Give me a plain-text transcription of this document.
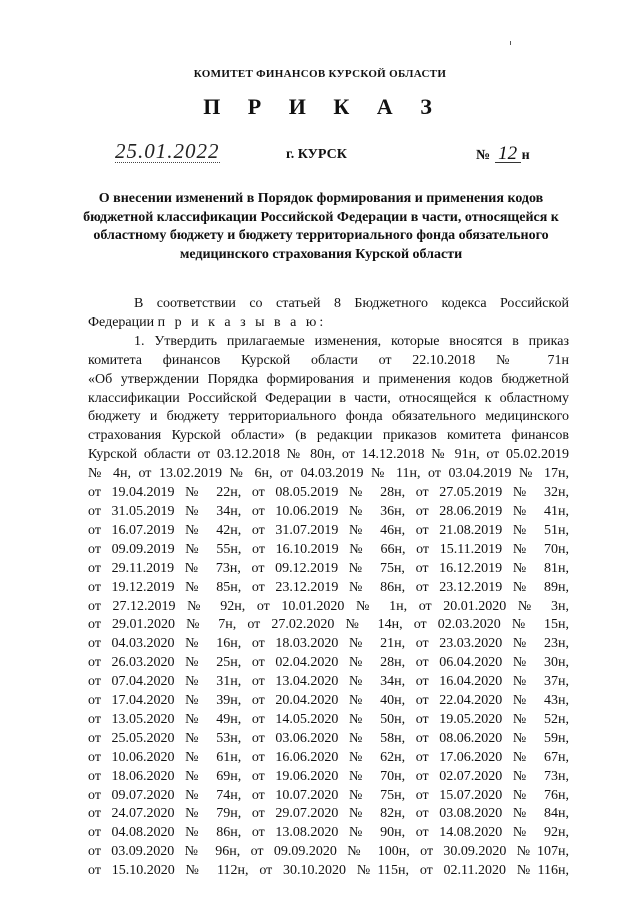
КОМИТЕТ ФИНАНСОВ КУРСКОЙ ОБЛАСТИ
П Р И К А З
25.01.2022	г. КУРСК	№ 12 н
О внесении изменений в Порядок формирования и применения кодов бюджетной классификации Российской Федерации в части, относящейся к областному бюджету и бюджету территориального фонда обязательного медицинского страхования Курской области
В соответствии со статьей 8 Бюджетного кодекса Российской
Федерации п р и к а з ы в а ю:
1. Утвердить прилагаемые изменения, которые вносятся в приказ
комитета финансов Курской области от 22.10.2018 № 71н
«Об утверждении Порядка формирования и применения кодов бюджетной
классификации Российской Федерации в части, относящейся к областному
бюджету и бюджету территориального фонда обязательного медицинского
страхования Курской области» (в редакции приказов комитета финансов
Курской области от 03.12.2018 № 80н, от 14.12.2018 № 91н, от 05.02.2019
№ 4н, от 13.02.2019 № 6н, от 04.03.2019 № 11н, от 03.04.2019 № 17н,
от 19.04.2019 № 22н, от 08.05.2019 № 28н, от 27.05.2019 № 32н,
от 31.05.2019 № 34н, от 10.06.2019 № 36н, от 28.06.2019 № 41н,
от 16.07.2019 № 42н, от 31.07.2019 № 46н, от 21.08.2019 № 51н,
от 09.09.2019 № 55н, от 16.10.2019 № 66н, от 15.11.2019 № 70н,
от 29.11.2019 № 73н, от 09.12.2019 № 75н, от 16.12.2019 № 81н,
от 19.12.2019 № 85н, от 23.12.2019 № 86н, от 23.12.2019 № 89н,
от 27.12.2019 № 92н, от 10.01.2020 № 1н, от 20.01.2020 № 3н,
от 29.01.2020 № 7н, от 27.02.2020 № 14н, от 02.03.2020 № 15н,
от 04.03.2020 № 16н, от 18.03.2020 № 21н, от 23.03.2020 № 23н,
от 26.03.2020 № 25н, от 02.04.2020 № 28н, от 06.04.2020 № 30н,
от 07.04.2020 № 31н, от 13.04.2020 № 34н, от 16.04.2020 № 37н,
от 17.04.2020 № 39н, от 20.04.2020 № 40н, от 22.04.2020 № 43н,
от 13.05.2020 № 49н, от 14.05.2020 № 50н, от 19.05.2020 № 52н,
от 25.05.2020 № 53н, от 03.06.2020 № 58н, от 08.06.2020 № 59н,
от 10.06.2020 № 61н, от 16.06.2020 № 62н, от 17.06.2020 № 67н,
от 18.06.2020 № 69н, от 19.06.2020 № 70н, от 02.07.2020 № 73н,
от 09.07.2020 № 74н, от 10.07.2020 № 75н, от 15.07.2020 № 76н,
от 24.07.2020 № 79н, от 29.07.2020 № 82н, от 03.08.2020 № 84н,
от 04.08.2020 № 86н, от 13.08.2020 № 90н, от 14.08.2020 № 92н,
от 03.09.2020 № 96н, от 09.09.2020 № 100н, от 30.09.2020 №107н,
от 15.10.2020 № 112н, от 30.10.2020 №115н, от 02.11.2020 №116н,
